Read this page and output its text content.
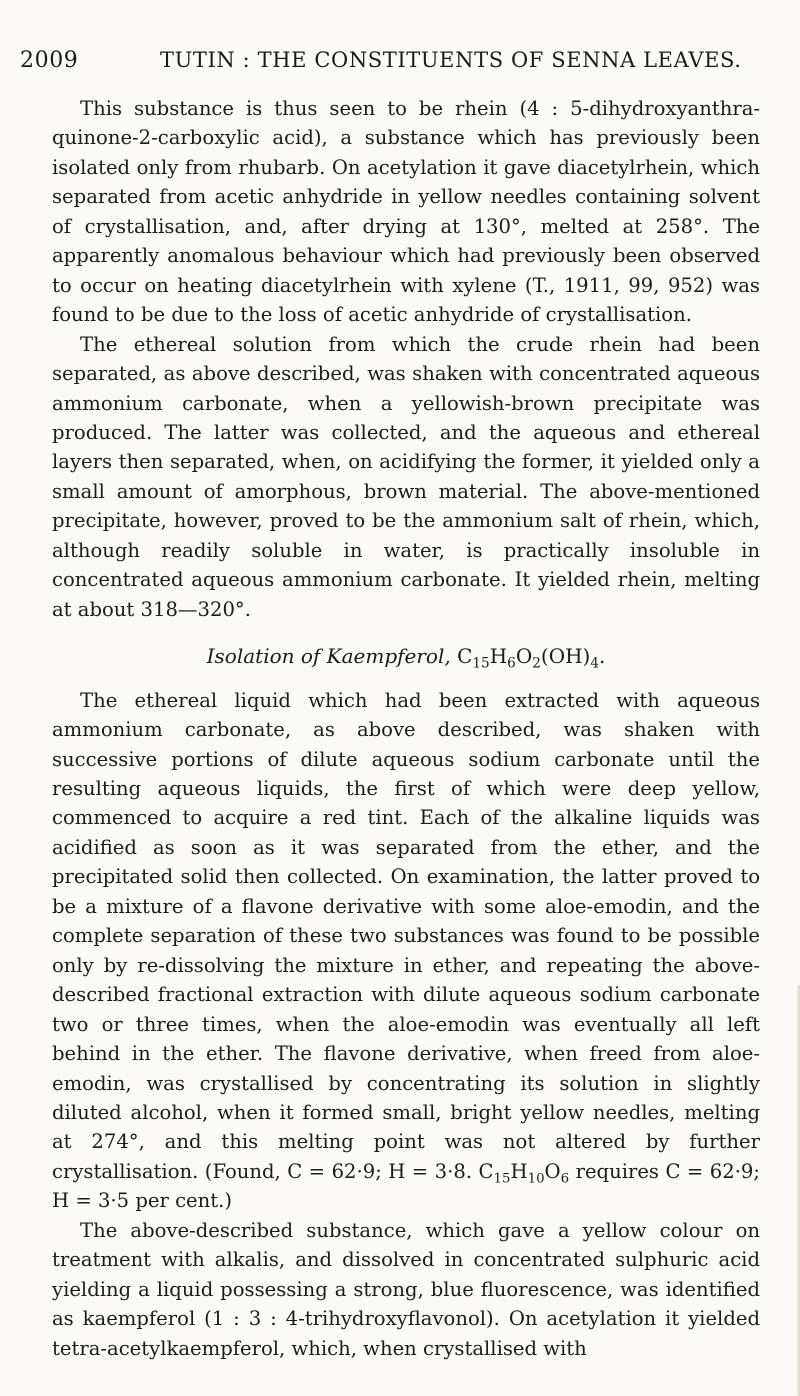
2009	TUTIN : THE CONSTITUENTS OF SENNA LEAVES.

This substance is thus seen to be rhein (4 : 5-dihydroxyanthra-quinone-2-carboxylic acid), a substance which has previously been isolated only from rhubarb. On acetylation it gave diacetylrhein, which separated from acetic anhydride in yellow needles containing solvent of crystallisation, and, after drying at 130°, melted at 258°. The apparently anomalous behaviour which had previously been observed to occur on heating diacetylrhein with xylene (T., 1911, 99, 952) was found to be due to the loss of acetic anhydride of crystallisation.

The ethereal solution from which the crude rhein had been separated, as above described, was shaken with concentrated aqueous ammonium carbonate, when a yellowish-brown precipitate was produced. The latter was collected, and the aqueous and ethereal layers then separated, when, on acidifying the former, it yielded only a small amount of amorphous, brown material. The above-mentioned precipitate, however, proved to be the ammonium salt of rhein, which, although readily soluble in water, is practically insoluble in concentrated aqueous ammonium carbonate. It yielded rhein, melting at about 318—320°.

Isolation of Kaempferol, $C_{15}H_6O_2(OH)_4$.

The ethereal liquid which had been extracted with aqueous ammonium carbonate, as above described, was shaken with successive portions of dilute aqueous sodium carbonate until the resulting aqueous liquids, the first of which were deep yellow, commenced to acquire a red tint. Each of the alkaline liquids was acidified as soon as it was separated from the ether, and the precipitated solid then collected. On examination, the latter proved to be a mixture of a flavone derivative with some aloe-emodin, and the complete separation of these two substances was found to be possible only by re-dissolving the mixture in ether, and repeating the above-described fractional extraction with dilute aqueous sodium carbonate two or three times, when the aloe-emodin was eventually all left behind in the ether. The flavone derivative, when freed from aloe-emodin, was crystallised by concentrating its solution in slightly diluted alcohol, when it formed small, bright yellow needles, melting at 274°, and this melting point was not altered by further crystallisation. (Found, C = 62·9; H = 3·8. $C_{15}H_{10}O_6$ requires C = 62·9; H = 3·5 per cent.)

The above-described substance, which gave a yellow colour on treatment with alkalis, and dissolved in concentrated sulphuric acid yielding a liquid possessing a strong, blue fluorescence, was identified as kaempferol (1 : 3 : 4-trihydroxyflavonol). On acetylation it yielded tetra-acetylkaempferol, which, when crystallised with
